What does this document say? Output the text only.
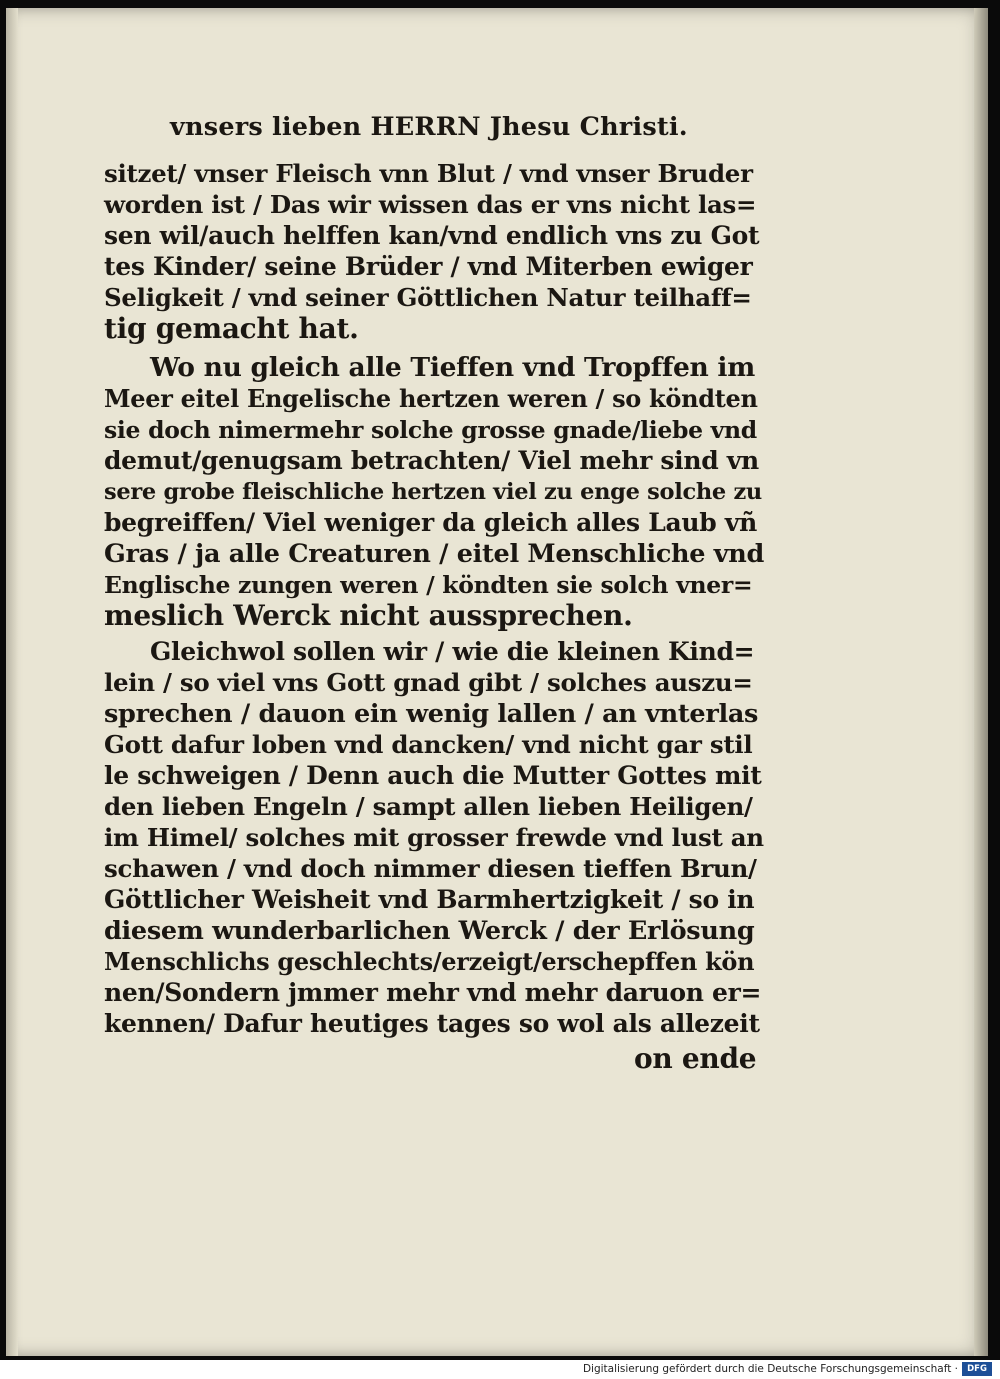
vnsers lieben HERRN Jhesu Christi.
sitzet/ vnser Fleisch vnn Blut / vnd vnser Bruder
worden ist / Das wir wissen das er vns nicht las=
sen wil/auch helffen kan/vnd endlich vns zu Got
tes Kinder/ seine Brüder / vnd Miterben ewiger
Seligkeit / vnd seiner Göttlichen Natur teilhaff=
tig gemacht hat.
Wo nu gleich alle Tieffen vnd Tropffen im
Meer eitel Engelische hertzen weren / so köndten
sie doch nimermehr solche grosse gnade/liebe vnd
demut/genugsam betrachten/ Viel mehr sind vn
sere grobe fleischliche hertzen viel zu enge solche zu
begreiffen/ Viel weniger da gleich alles Laub vñ
Gras / ja alle Creaturen / eitel Menschliche vnd
Englische zungen weren / köndten sie solch vner=
meslich Werck nicht aussprechen.
Gleichwol sollen wir / wie die kleinen Kind=
lein / so viel vns Gott gnad gibt / solches auszu=
sprechen / dauon ein wenig lallen / an vnterlas
Gott dafur loben vnd dancken/ vnd nicht gar stil
le schweigen / Denn auch die Mutter Gottes mit
den lieben Engeln / sampt allen lieben Heiligen/
im Himel/ solches mit grosser frewde vnd lust an
schawen / vnd doch nimmer diesen tieffen Brun/
Göttlicher Weisheit vnd Barmhertzigkeit / so in
diesem wunderbarlichen Werck / der Erlösung
Menschlichs geschlechts/erzeigt/erschepffen kön
nen/Sondern jmmer mehr vnd mehr daruon er=
kennen/ Dafur heutiges tages so wol als allezeit
on ende
Digitalisierung gefördert durch die Deutsche Forschungsgemeinschaft ·	DFG
